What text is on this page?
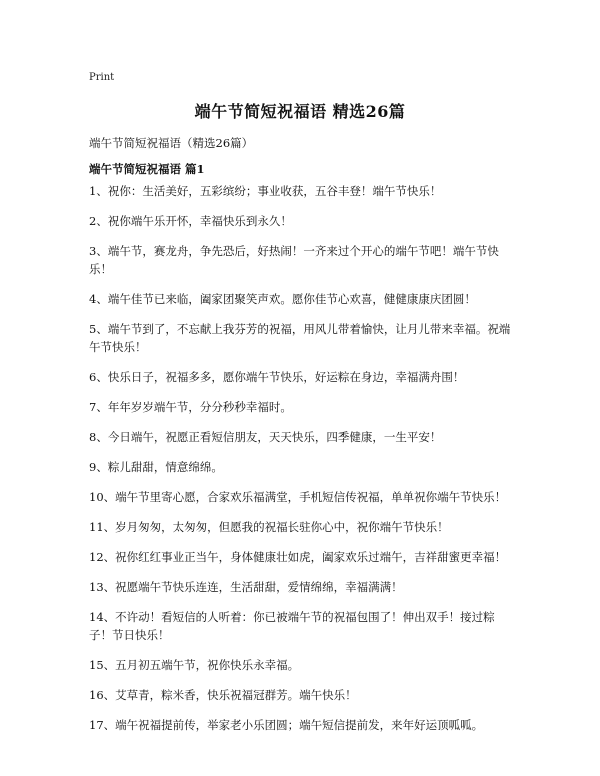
Print
端午节简短祝福语 精选26篇
端午节简短祝福语（精选26篇）
端午节简短祝福语 篇1
1、祝你：生活美好，五彩缤纷；事业收获，五谷丰登！端午节快乐！
2、祝你端午乐开怀，幸福快乐到永久！
3、端午节，赛龙舟，争先恐后，好热闹！一齐来过个开心的端午节吧！端午节快乐！
4、端午佳节已来临，阖家团聚笑声欢。愿你佳节心欢喜，健健康康庆团圆！
5、端午节到了，不忘献上我芬芳的祝福，用风儿带着愉快，让月儿带来幸福。祝端午节快乐！
6、快乐日子，祝福多多，愿你端午节快乐，好运粽在身边，幸福满舟围！
7、年年岁岁端午节，分分秒秒幸福时。
8、今日端午，祝愿正看短信朋友，天天快乐，四季健康，一生平安！
9、粽儿甜甜，情意绵绵。
10、端午节里寄心愿，合家欢乐福满堂，手机短信传祝福，单单祝你端午节快乐！
11、岁月匆匆，太匆匆，但愿我的祝福长驻你心中，祝你端午节快乐！
12、祝你红红事业正当午，身体健康壮如虎，阖家欢乐过端午，吉祥甜蜜更幸福！
13、祝愿端午节快乐连连，生活甜甜，爱情绵绵，幸福满满！
14、不许动！看短信的人听着：你已被端午节的祝福包围了！伸出双手！接过粽子！节日快乐！
15、五月初五端午节，祝你快乐永幸福。
16、艾草青，粽米香，快乐祝福冠群芳。端午快乐！
17、端午祝福提前传，举家老小乐团圆；端午短信提前发，来年好运顶呱呱。
